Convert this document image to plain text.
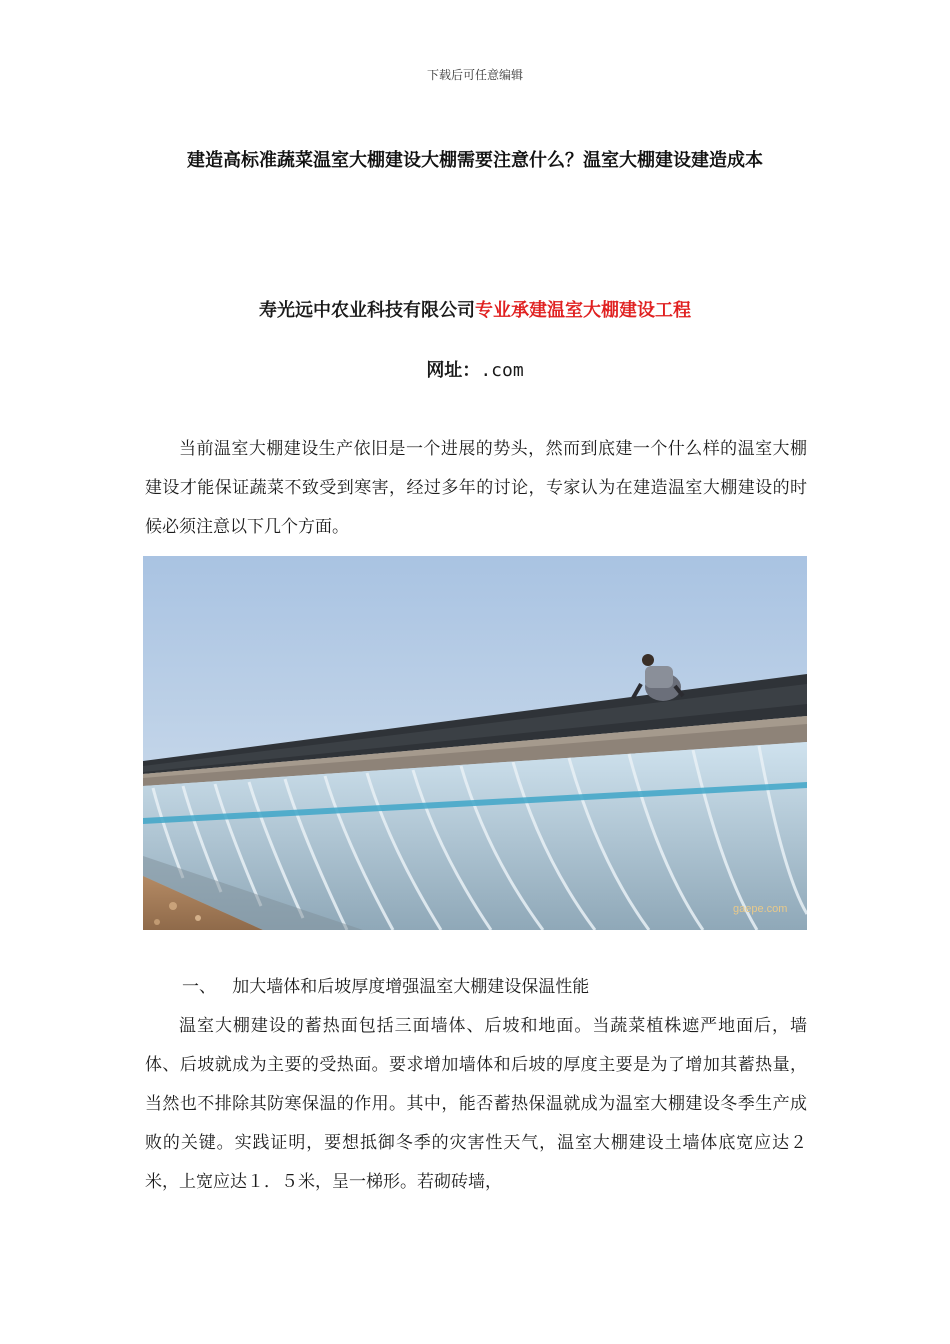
下载后可任意编辑
建造高标准蔬菜温室大棚建设大棚需要注意什么？温室大棚建设建造成本
寿光远中农业科技有限公司专业承建温室大棚建设工程
网址：.com

当前温室大棚建设生产依旧是一个进展的势头，然而到底建一个什么样的温室大棚建设才能保证蔬菜不致受到寒害，经过多年的讨论，专家认为在建造温室大棚建设的时候必须注意以下几个方面。

gaepe.com
一、 加大墙体和后坡厚度增强温室大棚建设保温性能

温室大棚建设的蓄热面包括三面墙体、后坡和地面。当蔬菜植株遮严地面后，墙体、后坡就成为主要的受热面。要求增加墙体和后坡的厚度主要是为了增加其蓄热量，当然也不排除其防寒保温的作用。其中，能否蓄热保温就成为温室大棚建设冬季生产成败的关键。实践证明，要想抵御冬季的灾害性天气，温室大棚建设土墙体底宽应达２米，上宽应达１．５米，呈一梯形。若砌砖墙，
